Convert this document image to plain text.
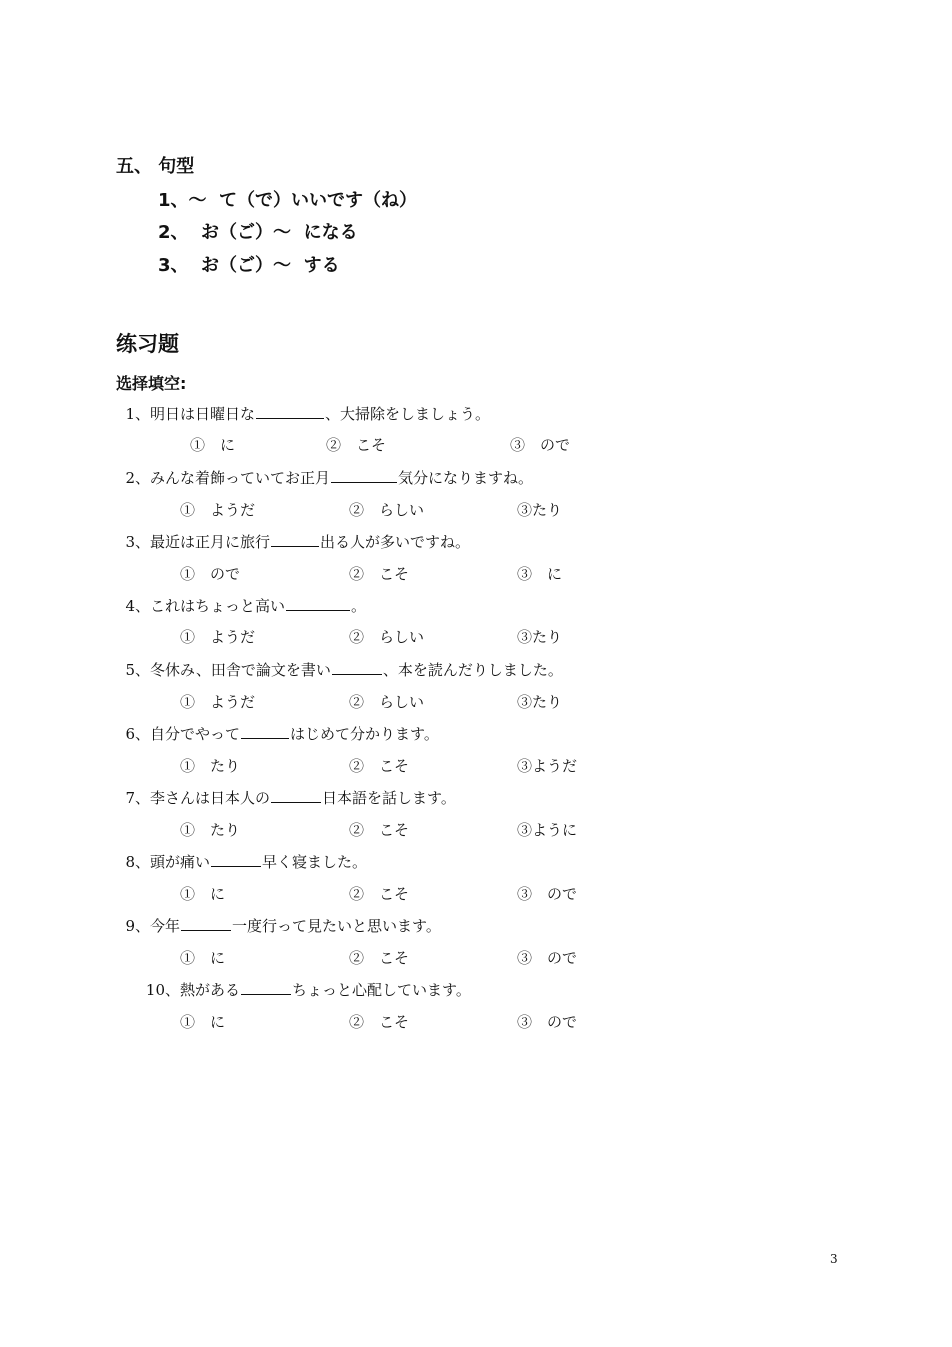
五、 句型
1、～  て（で）いいです（ね）
2、  お（ご）～  になる
3、  お（ご）～  する
练习题
选择填空:
1、明日は日曜日な	、大掃除をしましょう。
①　に	②　こそ	③　ので
2、みんな着飾っていてお正月	気分になりますね。
①　ようだ	②　らしい	③たり
3、最近は正月に旅行	出る人が多いですね。
①　ので	②　こそ	③　に
4、これはちょっと高い	。
①　ようだ	②　らしい	③たり
5、冬休み、田舎で論文を書い	、本を読んだりしました。
①　ようだ	②　らしい	③たり
6、自分でやって	はじめて分かります。
①　たり	②　こそ	③ようだ
7、李さんは日本人の	日本語を話します。
①　たり	②　こそ	③ように
8、頭が痛い	早く寝ました。
①　に	②　こそ	③　ので
9、今年	一度行って見たいと思います。
①　に	②　こそ	③　ので
10、熱がある	ちょっと心配しています。
①　に	②　こそ	③　ので
3
